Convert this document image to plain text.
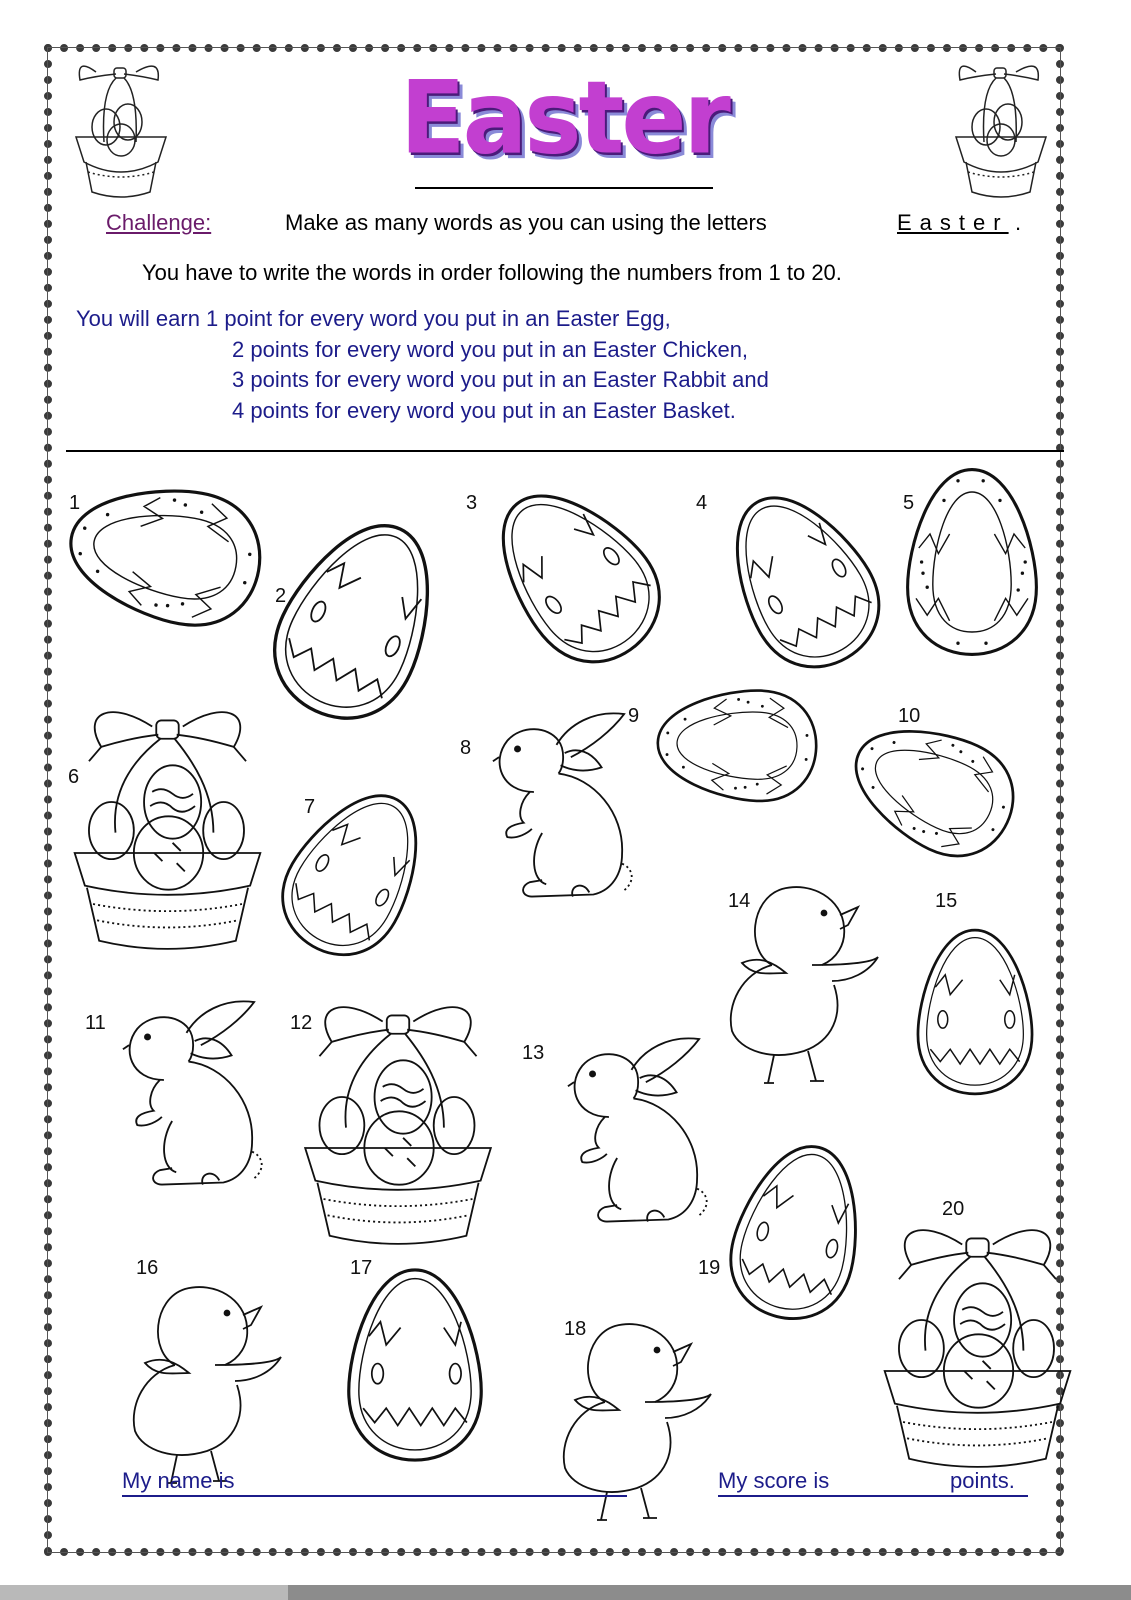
Easter
Challenge:	Make as many words as you can using the letters	Easter .
You have to write the words in order following the numbers from 1 to 20.
You will earn 1 point for every word you put in an Easter Egg,
2 points for every word you put in an Easter Chicken,
3 points for every word you put in an Easter Rabbit and
4 points for every word you put in an Easter Basket.
1
2
3	4	5
6
7
8
9	10
11	12
13
14	15
16	17
18
19
20
My name is	My score is	points.
